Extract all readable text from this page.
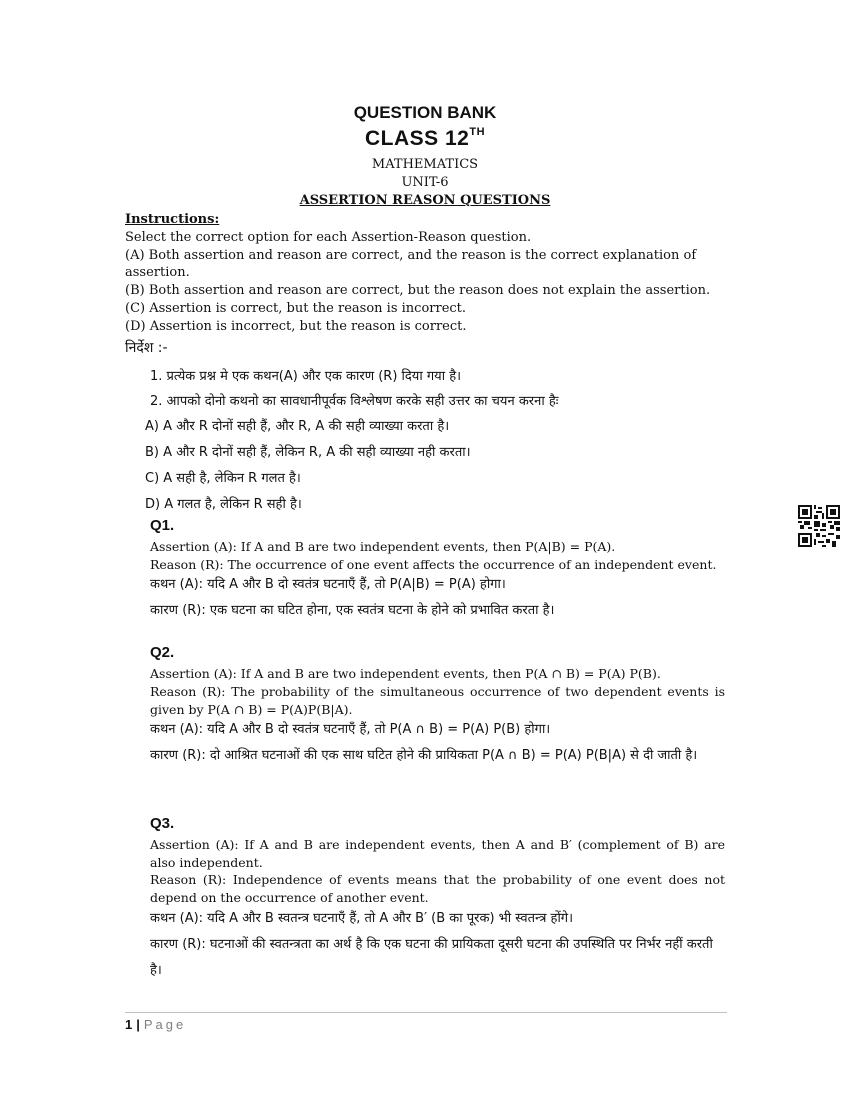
QUESTION BANK
CLASS 12TH
MATHEMATICS
UNIT-6
ASSERTION REASON QUESTIONS
Instructions:
Select the correct option for each Assertion-Reason question.
(A) Both assertion and reason are correct, and the reason is the correct explanation of
assertion.
(B) Both assertion and reason are correct, but the reason does not explain the assertion.
(C) Assertion is correct, but the reason is incorrect.
(D) Assertion is incorrect, but the reason is correct.
निर्देश :-
1. प्रत्येक प्रश्न मे एक कथन(A) और एक कारण (R) दिया गया है।
2. आपको दोनो कथनो का सावधानीपूर्वक विश्लेषण करके सही उत्तर का चयन करना हैः
A) A और R दोनों सही हैं, और R, A की सही व्याख्या करता है।
B) A और R दोनों सही हैं, लेकिन R, A की सही व्याख्या नही करता।
C) A सही है, लेकिन R गलत है।
D) A गलत है, लेकिन R सही है।
Q1.
Assertion (A): If A and B are two independent events, then P(A|B) = P(A).
Reason (R): The occurrence of one event affects the occurrence of an independent event.
कथन (A): यदि A और B दो स्वतंत्र घटनाएँ हैं, तो P(A|B) = P(A) होगा।
कारण (R): एक घटना का घटित होना, एक स्वतंत्र घटना के होने को प्रभावित करता है।
Q2.
Assertion (A): If A and B are two independent events, then P(A ∩ B) = P(A) P(B).
Reason (R): The probability of the simultaneous occurrence of two dependent events is given by P(A ∩ B) = P(A)P(B|A).
कथन (A): यदि A और B दो स्वतंत्र घटनाएँ हैं, तो P(A ∩ B) = P(A) P(B) होगा।
कारण (R): दो आश्रित घटनाओं की एक साथ घटित होने की प्रायिकता P(A ∩ B) = P(A) P(B|A) से दी जाती है।
Q3.
Assertion (A): If A and B are independent events, then A and B′ (complement of B) are also independent.
Reason (R): Independence of events means that the probability of one event does not depend on the occurrence of another event.
कथन (A): यदि A और B स्वतन्त्र घटनाएँ हैं, तो A और B′ (B का पूरक) भी स्वतन्त्र होंगे।
कारण (R): घटनाओं की स्वतन्त्रता का अर्थ है कि एक घटना की प्रायिकता दूसरी घटना की उपस्थिति पर निर्भर नहीं करती है।
1 | Page
